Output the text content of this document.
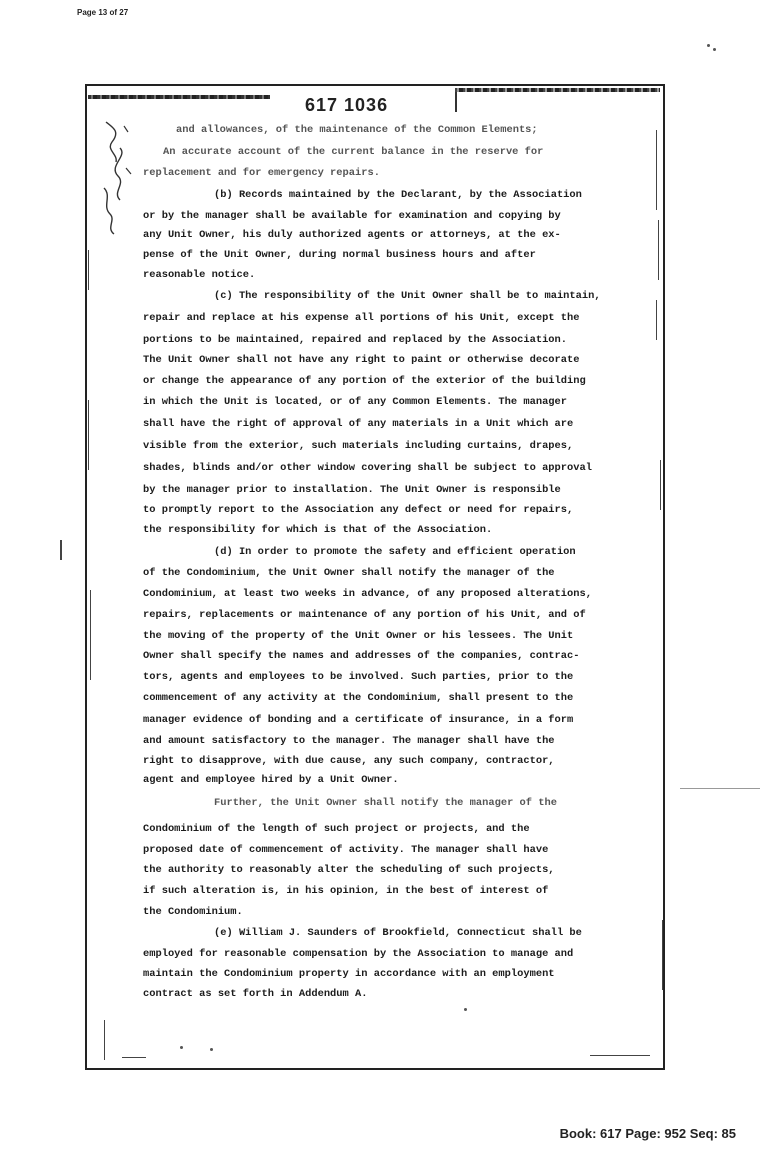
Page 13 of 27
617 1036
and allowances, of the maintenance of the Common Elements;
An accurate account of the current balance in the reserve for
replacement and for emergency repairs.
(b) Records maintained by the Declarant, by the Association
or by the manager shall be available for examination and copying by
any Unit Owner, his duly authorized agents or attorneys, at the ex-
pense of the Unit Owner, during normal business hours and after
reasonable notice.
(c) The responsibility of the Unit Owner shall be to maintain,
repair and replace at his expense all portions of his Unit, except the
portions to be maintained, repaired and replaced by the Association.
The Unit Owner shall not have any right to paint or otherwise decorate
or change the appearance of any portion of the exterior of the building
in which the Unit is located, or of any Common Elements. The manager
shall have the right of approval of any materials in a Unit which are
visible from the exterior, such materials including curtains, drapes,
shades, blinds and/or other window covering shall be subject to approval
by the manager prior to installation. The Unit Owner is responsible
to promptly report to the Association any defect or need for repairs,
the responsibility for which is that of the Association.
(d) In order to promote the safety and efficient operation
of the Condominium, the Unit Owner shall notify the manager of the
Condominium, at least two weeks in advance, of any proposed alterations,
repairs, replacements or maintenance of any portion of his Unit, and of
the moving of the property of the Unit Owner or his lessees. The Unit
Owner shall specify the names and addresses of the companies, contrac-
tors, agents and employees to be involved. Such parties, prior to the
commencement of any activity at the Condominium, shall present to the
manager evidence of bonding and a certificate of insurance, in a form
and amount satisfactory to the manager. The manager shall have the
right to disapprove, with due cause, any such company, contractor,
agent and employee hired by a Unit Owner.
Further, the Unit Owner shall notify the manager of the
Condominium of the length of such project or projects, and the
proposed date of commencement of activity. The manager shall have
the authority to reasonably alter the scheduling of such projects,
if such alteration is, in his opinion, in the best of interest of
the Condominium.
(e) William J. Saunders of Brookfield, Connecticut shall be
employed for reasonable compensation by the Association to manage and
maintain the Condominium property in accordance with an employment
contract as set forth in Addendum A.
Book: 617 Page: 952 Seq: 85
